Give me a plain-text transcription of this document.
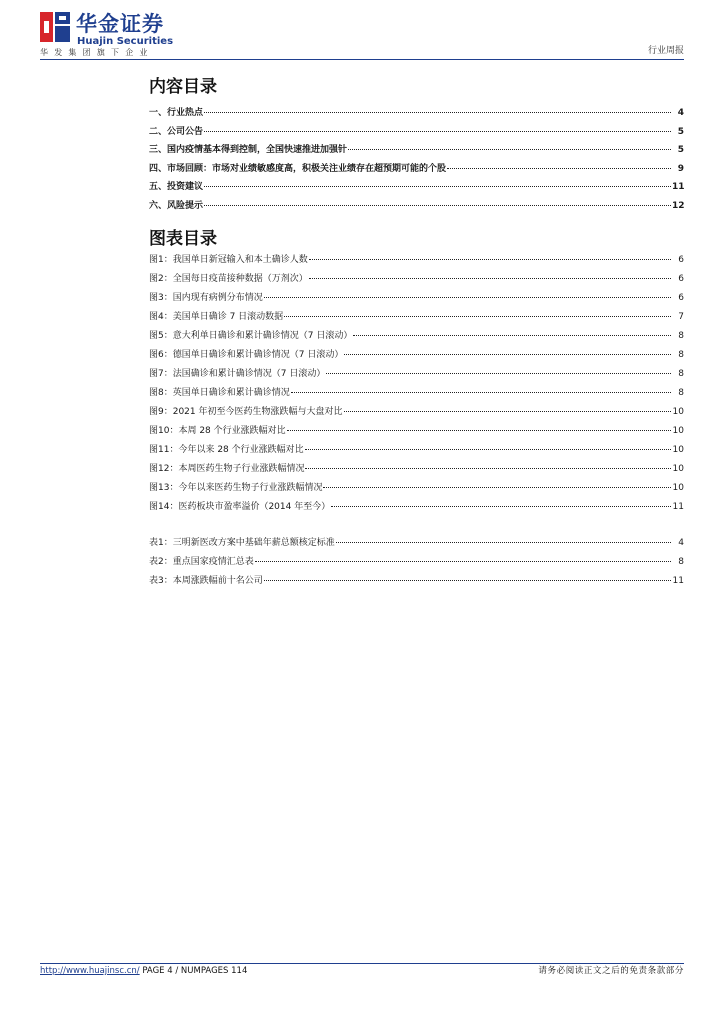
华金证券
Huajin Securities
华发集团旗下企业	行业周报
内容目录
一、行业热点	4
二、公司公告	5
三、国内疫情基本得到控制，全国快速推进加强针	5
四、市场回顾：市场对业绩敏感度高，积极关注业绩存在超预期可能的个股	9
五、投资建议	11
六、风险提示	12
图表目录
图1：我国单日新冠输入和本土确诊人数	6
图2：全国每日疫苗接种数据（万剂次）	6
图3：国内现有病例分布情况	6
图4：美国单日确诊 7 日滚动数据	7
图5：意大利单日确诊和累计确诊情况（7 日滚动）	8
图6：德国单日确诊和累计确诊情况（7 日滚动）	8
图7：法国确诊和累计确诊情况（7 日滚动）	8
图8：英国单日确诊和累计确诊情况	8
图9：2021 年初至今医药生物涨跌幅与大盘对比	10
图10：本周 28 个行业涨跌幅对比	10
图11：今年以来 28 个行业涨跌幅对比	10
图12：本周医药生物子行业涨跌幅情况	10
图13：今年以来医药生物子行业涨跌幅情况	10
图14：医药板块市盈率溢价（2014 年至今）	11
表1：三明新医改方案中基础年薪总额核定标准	4
表2：重点国家疫情汇总表	8
表3：本周涨跌幅前十名公司	11
http://www.huajinsc.cn/ PAGE 4 / NUMPAGES 114	请务必阅读正文之后的免责条款部分
